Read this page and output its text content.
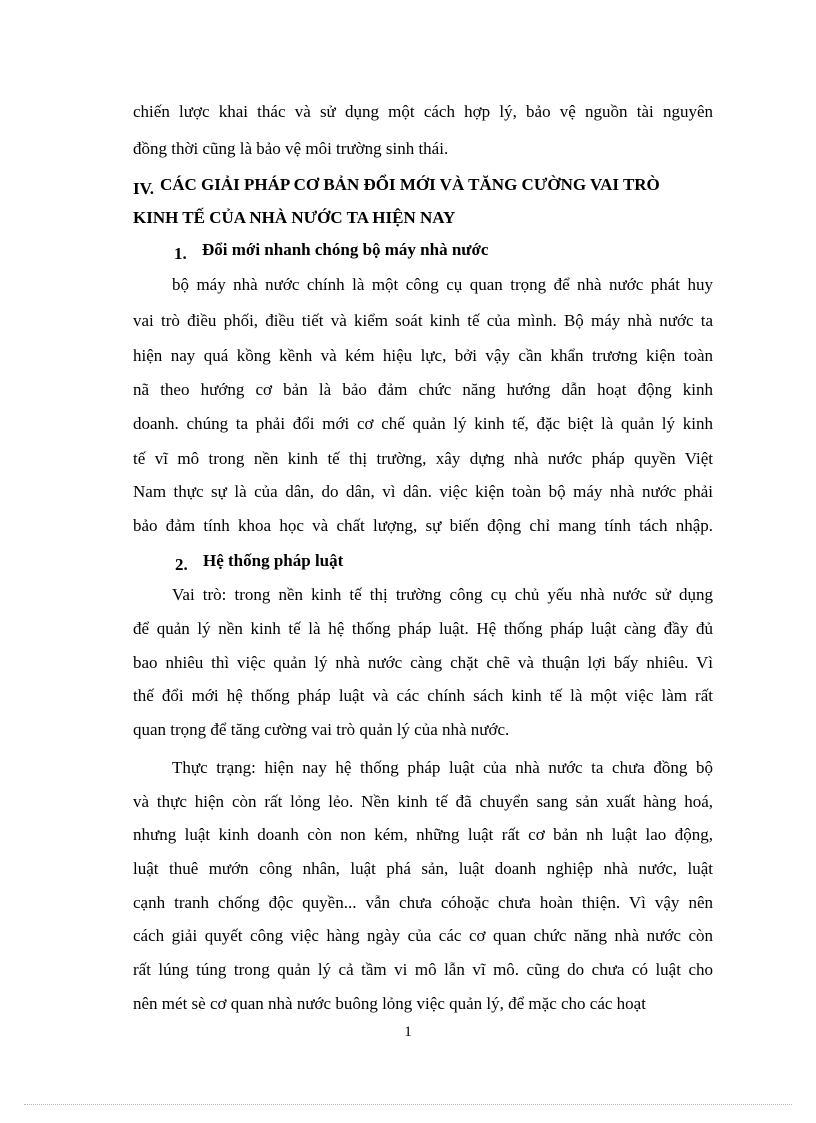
chiến lược khai thác và sử dụng một cách hợp lý, bảo vệ nguồn tài nguyên
đồng thời cũng là bảo vệ môi trường sinh thái.
IV. CÁC GIẢI PHÁP CƠ BẢN ĐỔI MỚI VÀ TĂNG CƯỜNG VAI TRÒ
KINH TẾ CỦA NHÀ NƯỚC TA HIỆN NAY
1. Đổi mới nhanh chóng bộ máy nhà nước
bộ máy nhà nước chính là một công cụ quan trọng để nhà nước phát huy
vai trò điều phối, điều tiết và kiểm soát kinh tế của mình. Bộ máy nhà nước ta
hiện nay quá kồng kềnh và kém hiệu lực, bởi vậy cần khẩn trương kiện toàn
nã theo hướng cơ bản là bảo đảm chức năng hướng dẫn hoạt động kinh
doanh. chúng ta phải đổi mới cơ chế quản lý kinh tế, đặc biệt là quản lý kinh
tế vĩ mô trong nền kinh tế thị trường, xây dựng nhà nước pháp quyền Việt
Nam thực sự là của dân, do dân, vì dân. việc kiện toàn bộ máy nhà nước phải
bảo đảm tính khoa học và chất lượng, sự biến động chỉ mang tính tách nhập.
2. Hệ thống pháp luật
Vai trò: trong nền kinh tế thị trường công cụ chủ yếu nhà nước sử dụng
để quản lý nền kinh tế là hệ thống pháp luật. Hệ thống pháp luật càng đầy đủ
bao nhiêu thì việc quản lý nhà nước càng chặt chẽ và thuận lợi bấy nhiêu. Vì
thế đổi mới hệ thống pháp luật và các chính sách kinh tế là một việc làm rất
quan trọng để tăng cường vai trò quản lý của nhà nước.
Thực trạng: hiện nay hệ thống pháp luật của nhà nước ta chưa đồng bộ
và thực hiện còn rất lỏng lẻo. Nền kinh tế đã chuyển sang sản xuất hàng hoá,
nhưng luật kinh doanh còn non kém, những luật rất cơ bản nh luật lao động,
luật thuê mướn công nhân, luật phá sản, luật doanh nghiệp nhà nước, luật
cạnh tranh chống độc quyền... vẫn chưa cóhoặc chưa hoàn thiện. Vì vậy nên
cách giải quyết công việc hàng ngày của các cơ quan chức năng nhà nước còn
rất lúng túng trong quản lý cả tầm vi mô lẫn vĩ mô. cũng do chưa có luật cho
nên mét sè cơ quan nhà nước buông lỏng việc quản lý, để mặc cho các hoạt
1
